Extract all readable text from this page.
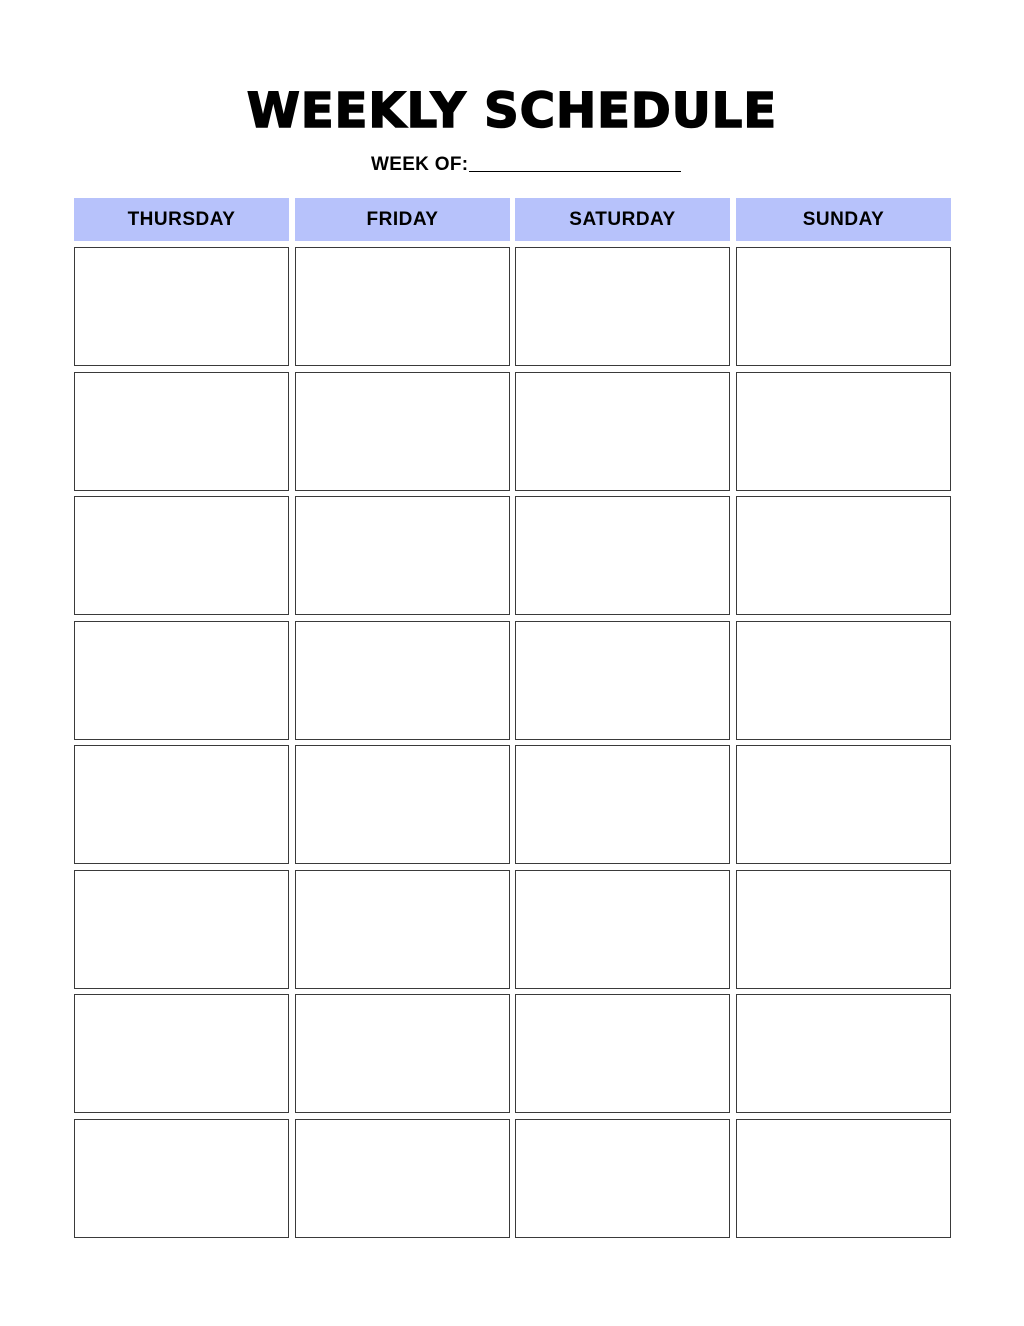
WEEKLY SCHEDULE
WEEK OF:
THURSDAY	FRIDAY	SATURDAY	SUNDAY
